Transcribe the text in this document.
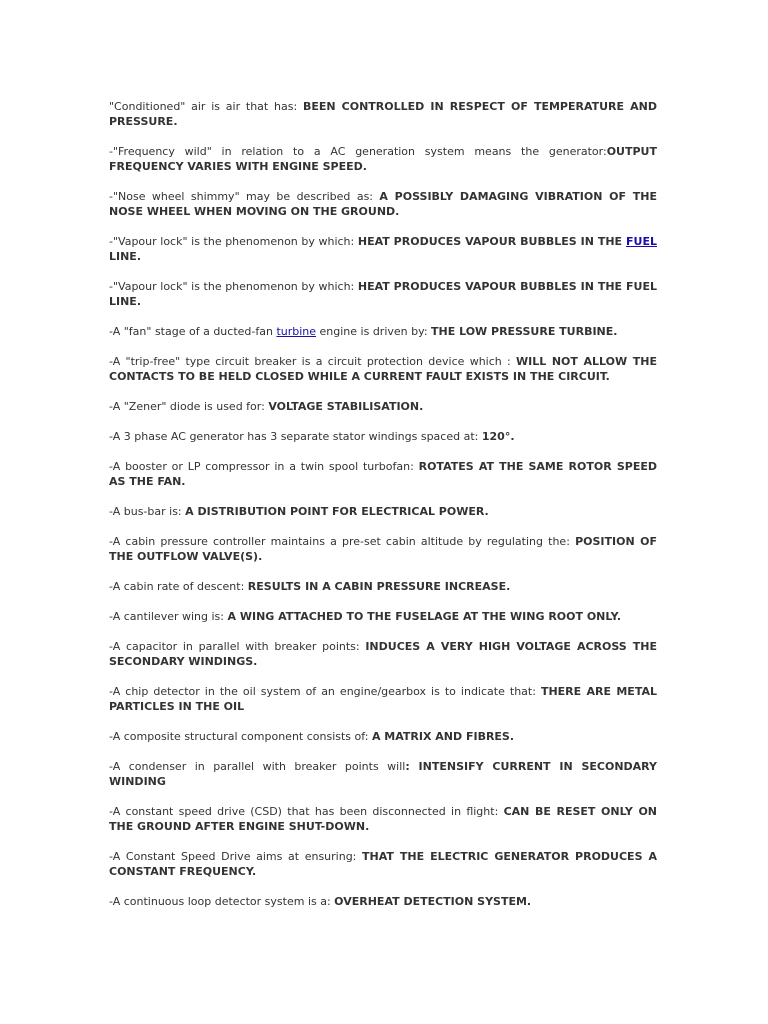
"Conditioned" air is air that has: BEEN CONTROLLED IN RESPECT OF TEMPERATURE AND PRESSURE.

-"Frequency wild" in relation to a AC generation system means the generator:OUTPUT FREQUENCY VARIES WITH ENGINE SPEED.

-"Nose wheel shimmy" may be described as: A POSSIBLY DAMAGING VIBRATION OF THE NOSE WHEEL WHEN MOVING ON THE GROUND.

-"Vapour lock" is the phenomenon by which: HEAT PRODUCES VAPOUR BUBBLES IN THE FUEL LINE.

-"Vapour lock" is the phenomenon by which: HEAT PRODUCES VAPOUR BUBBLES IN THE FUEL LINE.

-A "fan" stage of a ducted-fan turbine engine is driven by: THE LOW PRESSURE TURBINE.

-A "trip-free" type circuit breaker is a circuit protection device which : WILL NOT ALLOW THE CONTACTS TO BE HELD CLOSED WHILE A CURRENT FAULT EXISTS IN THE CIRCUIT.

-A "Zener" diode is used for: VOLTAGE STABILISATION.

-A 3 phase AC generator has 3 separate stator windings spaced at: 120°.

-A booster or LP compressor in a twin spool turbofan: ROTATES AT THE SAME ROTOR SPEED AS THE FAN.

-A bus-bar is: A DISTRIBUTION POINT FOR ELECTRICAL POWER.

-A cabin pressure controller maintains a pre-set cabin altitude by regulating the: POSITION OF THE OUTFLOW VALVE(S).

-A cabin rate of descent: RESULTS IN A CABIN PRESSURE INCREASE.

-A cantilever wing is: A WING ATTACHED TO THE FUSELAGE AT THE WING ROOT ONLY.

-A capacitor in parallel with breaker points: INDUCES A VERY HIGH VOLTAGE ACROSS THE SECONDARY WINDINGS.

-A chip detector in the oil system of an engine/gearbox is to indicate that: THERE ARE METAL PARTICLES IN THE OIL

-A composite structural component consists of: A MATRIX AND FIBRES.

-A condenser in parallel with breaker points will: INTENSIFY CURRENT IN SECONDARY WINDING

-A constant speed drive (CSD) that has been disconnected in flight: CAN BE RESET ONLY ON THE GROUND AFTER ENGINE SHUT-DOWN.

-A Constant Speed Drive aims at ensuring: THAT THE ELECTRIC GENERATOR PRODUCES A CONSTANT FREQUENCY.

-A continuous loop detector system is a: OVERHEAT DETECTION SYSTEM.
